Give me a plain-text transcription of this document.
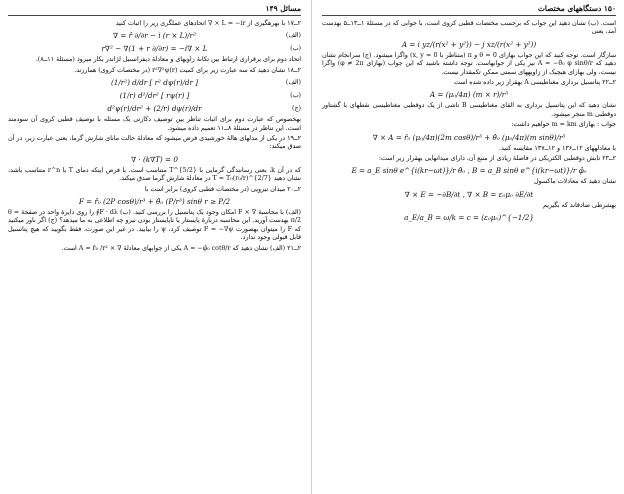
مسائل ۱۴۹

۲ــ۱۷ با بهرهگیری از L = −ir × ∇ اتحادهای عملگری زیر را اثبات کنید

∇ = r̂ ∂/∂r − i (r × L)/r²	(الف)
r∇² − ∇(1 + r ∂/∂r) = −i∇ × L	(ب)

اتحاد دوم برای برقراری ارتباط بین تکانهٔ زاویهای و معادلهٔ دیفرانسیل لژاندر بکار میرود (مسئلهٔ ۱۱ــ۸).

۲ــ۱۸ نشان دهید که سه عبارت زیر برای کمیت r²∇²ψ(r) (در مختصات کروی) همارزند.

(1/r²) d/dr [ r² dψ(r)/dr ]	(الف)
(1/r) d²/dr² [ rψ(r) ]	(ب)
d²ψ(r)/dr² + (2/r) dψ(r)/dr	(ج)

بهخصوص که عبارت دوم برای اثبات تناظر بین توصیف دکارتی یک مسئله با توصیف قطبی کروی آن سودمند است. این تناظر در مسئلهٔ ۸ــ۱۱ تعمیم داده میشود.

۲ــ۱۹ در یکی از مدلهای هالهٔ خورشیدی فرض میشود که معادلهٔ حالت مانای شارش گرما، یعنی عبارت زیر، در آن صدق میکند:

∇ · (k∇T) = 0

که در آن k، یعنی رسانندگی گرمایی با T^{5/2} متناسب است. با فرض اینکه دمای T با r^n متناسب باشد، نشان دهید T = T₀(r₀/r)^{2/7} در معادلهٔ شارش گرما صدق میکند.

۲ــ۲۰ میدان نیرویی (در مختصات قطبی کروی) برابر است با

F = r̂₀ (2P cosθ)/r³ + θ̂₀ (P/r³) sinθ r ≥ P/2

(الف) با محاسبهٔ ∇ × F امکان وجود یک پتانسیل را بررسی کنید. (ب) F · dλ∮ را روی دایرهٔ واحد در صفحهٔ θ = π/2 بهدست آورید. این محاسبه دربارهٔ پایستار یا ناپایستار بودن نیرو چه اطلاعی به ما میدهد؟ (ج) اگر باور میکنید که F را میتوان بهصورت F = −∇ψ توصیف کرد، ψ را بیابید. در غیر این صورت، فقط بگویید که هیچ پتانسیل قابل قبولی وجود ندارد.

۲ــ۲۱ (الف) نشان دهید که A = −φ̂₀ cotθ/r یکی از جوابهای معادلهٔ ∇ × A = r̂₀ /r² است.

۱۵۰ دستگاههای مختصات

است. (ب) نشان دهید این جواب که برحسب مختصات قطبی کروی است، با جوابی که در مسئلهٔ ۱ــ۱۳ــ۵ بهدست آمد، یعنی

A = i yz/(r(x² + y²)) − j xz/(r(x² + y²))

سازگار است. توجه کنید که این جواب بهازای θ = 0 و π (متناظر با x, y = 0) واگرا میشود. (ج) سرانجام نشان دهید که A = −θ̂₀ φ sinθ/r نیز یکی از جوابهاست. توجه داشته باشید که این جواب (بهازای φ ≠ 2π) واگرا نیست، ولی بهازای هیچیک از زاویههای سمتی ممکن تکمقدار نیست.

۲ــ۲۲ پتانسیل برداری مغناطیسی A بهقرار زیر داده شده است

A = (μ₀/4π) (m × r)/r³

نشان دهید که این پتانسیل برداری به القای مغناطیسی B ناشی از یک دوقطبی مغناطیسی نقطهای با گشتاور دوقطبی m منجر میشود.

جواب : بهازای m = km خواهیم داشت:

∇ × A = r̂₀ (μ₀/4π)(2m cosθ)/r³ + θ̂₀ (μ₀/4π)(m sinθ)/r³

با معادلههای ۱۲ــ۱۳۶ و ۱۲ــ۱۳۷ مقایسه کنید.

۲ــ۲۳ تابش دوقطبی الکتریکی در فاصلهٔ زیادی از منبع آن، دارای میدانهایی بهقرار زیر است:

E = a_E sinθ e^{i(kr−ωt)}/r θ̂₀ , B = a_B sinθ e^{i(kr−ωt)}/r φ̂₀

نشان دهید که معادلات ماکسول

∇ × E = −∂B/∂t , ∇ × B = ε₀μ₀ ∂E/∂t

بهشرطی صادقاند که بگیریم

a_E/a_B = ω/k = c = (ε₀μ₀)^{−1/2}
